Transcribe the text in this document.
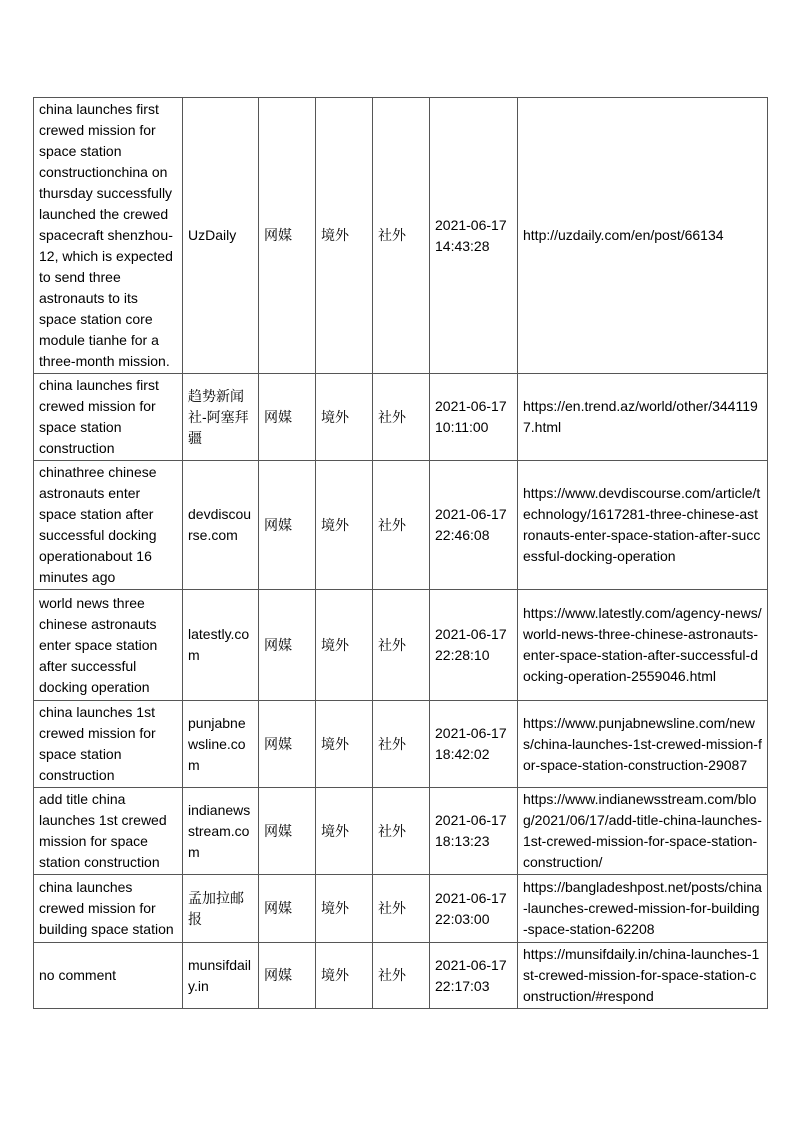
china launches first crewed mission for space station constructionchina on thursday successfully launched the crewed spacecraft shenzhou-12, which is expected to send three astronauts to its space station core module tianhe for a three-month mission.	UzDaily	网媒	境外	社外	2021-06-17 14:43:28	http://uzdaily.com/en/post/66134
china launches first crewed mission for space station construction	趋势新闻社-阿塞拜疆	网媒	境外	社外	2021-06-17 10:11:00	https://en.trend.az/world/other/3441197.html
chinathree chinese astronauts enter space station after successful docking operationabout 16 minutes ago	devdiscourse.com	网媒	境外	社外	2021-06-17 22:46:08	https://www.devdiscourse.com/article/technology/1617281-three-chinese-astronauts-enter-space-station-after-successful-docking-operation
world news three chinese astronauts enter space station after successful docking operation	latestly.com	网媒	境外	社外	2021-06-17 22:28:10	https://www.latestly.com/agency-news/world-news-three-chinese-astronauts-enter-space-station-after-successful-docking-operation-2559046.html
china launches 1st crewed mission for space station construction	punjabnewsline.com	网媒	境外	社外	2021-06-17 18:42:02	https://www.punjabnewsline.com/news/china-launches-1st-crewed-mission-for-space-station-construction-29087
add title china launches 1st crewed mission for space station construction	indianewsstream.com	网媒	境外	社外	2021-06-17 18:13:23	https://www.indianewsstream.com/blog/2021/06/17/add-title-china-launches-1st-crewed-mission-for-space-station-construction/
china launches crewed mission for building space station	孟加拉邮报	网媒	境外	社外	2021-06-17 22:03:00	https://bangladeshpost.net/posts/china-launches-crewed-mission-for-building-space-station-62208
no comment	munsifdaily.in	网媒	境外	社外	2021-06-17 22:17:03	https://munsifdaily.in/china-launches-1st-crewed-mission-for-space-station-construction/#respond
